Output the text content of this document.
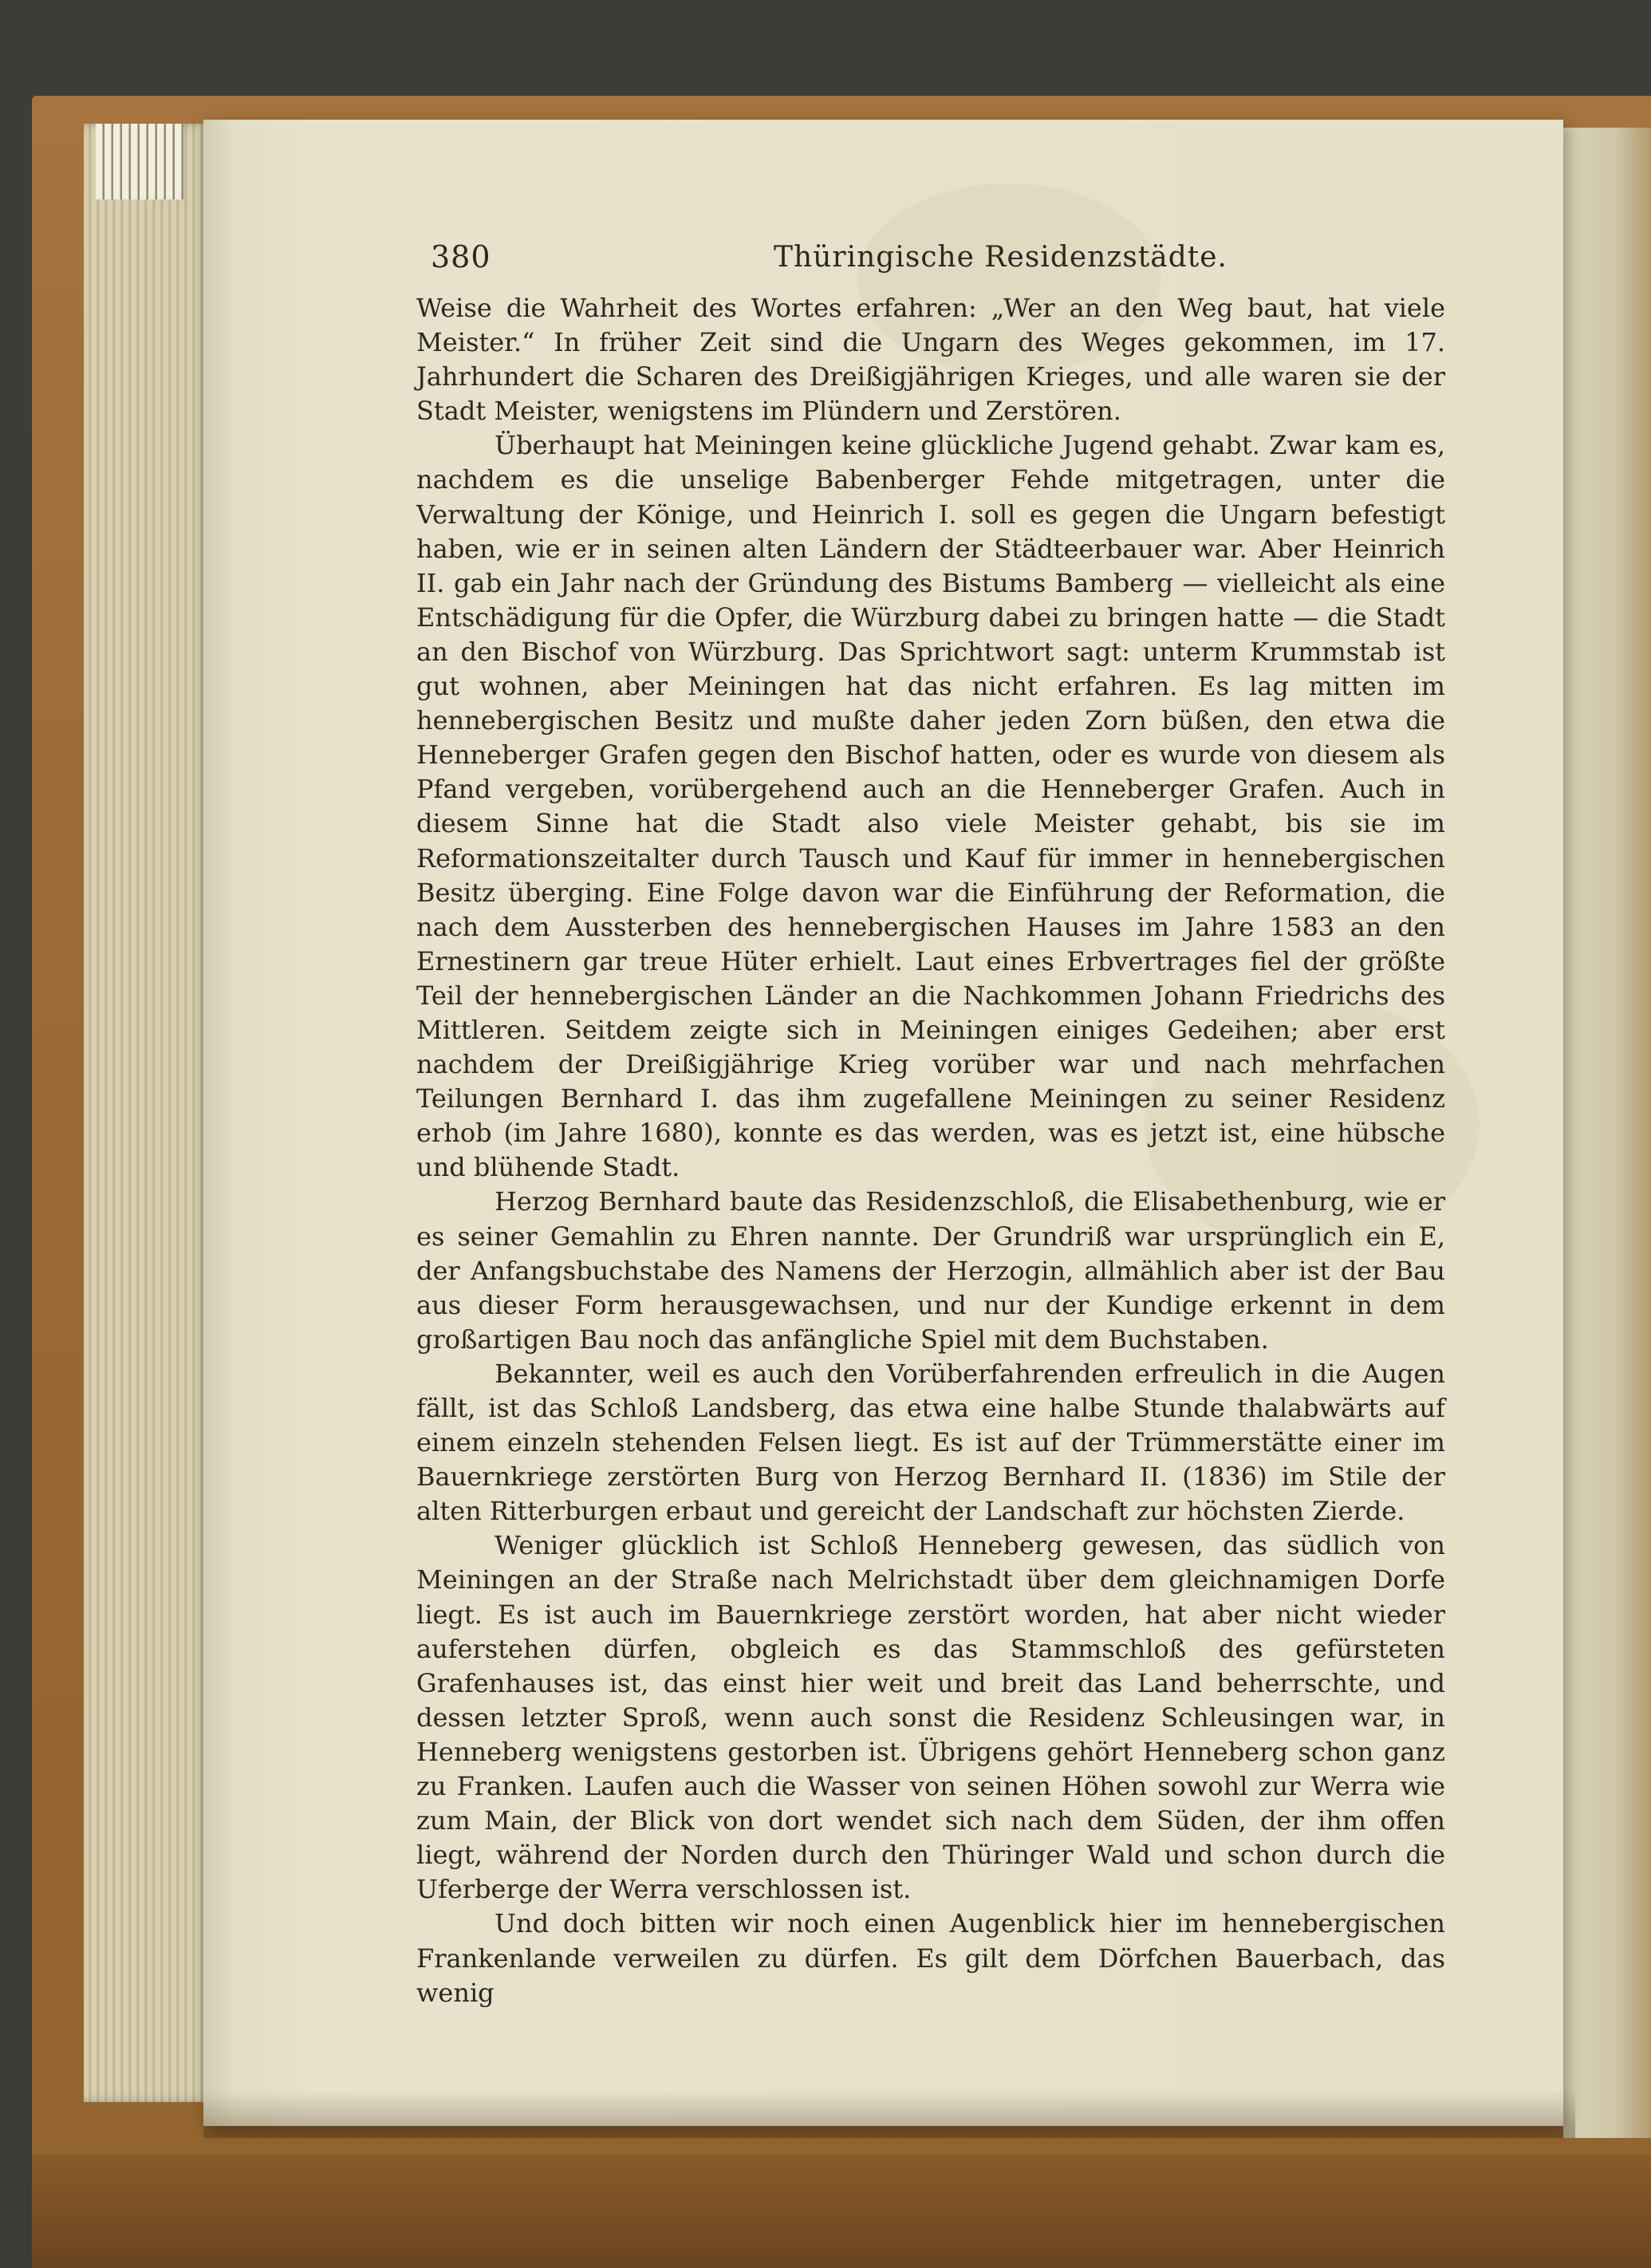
380	Thüringische Residenzstädte.

Weise die Wahrheit des Wortes erfahren: „Wer an den Weg baut, hat viele Meister.“ In früher Zeit sind die Ungarn des Weges gekommen, im 17. Jahrhundert die Scharen des Dreißigjährigen Krieges, und alle waren sie der Stadt Meister, wenigstens im Plündern und Zerstören.

Überhaupt hat Meiningen keine glückliche Jugend gehabt. Zwar kam es, nachdem es die unselige Babenberger Fehde mitgetragen, unter die Verwaltung der Könige, und Heinrich I. soll es gegen die Ungarn befestigt haben, wie er in seinen alten Ländern der Städteerbauer war. Aber Heinrich II. gab ein Jahr nach der Gründung des Bistums Bamberg — vielleicht als eine Entschädigung für die Opfer, die Würzburg dabei zu bringen hatte — die Stadt an den Bischof von Würzburg. Das Sprichtwort sagt: unterm Krummstab ist gut wohnen, aber Meiningen hat das nicht erfahren. Es lag mitten im hennebergischen Besitz und mußte daher jeden Zorn büßen, den etwa die Henneberger Grafen gegen den Bischof hatten, oder es wurde von diesem als Pfand vergeben, vorübergehend auch an die Henneberger Grafen. Auch in diesem Sinne hat die Stadt also viele Meister gehabt, bis sie im Reformationszeitalter durch Tausch und Kauf für immer in hennebergischen Besitz überging. Eine Folge davon war die Einführung der Reformation, die nach dem Aussterben des hennebergischen Hauses im Jahre 1583 an den Ernestinern gar treue Hüter erhielt. Laut eines Erbvertrages fiel der größte Teil der hennebergischen Länder an die Nachkommen Johann Friedrichs des Mittleren. Seitdem zeigte sich in Meiningen einiges Gedeihen; aber erst nachdem der Dreißigjährige Krieg vorüber war und nach mehrfachen Teilungen Bernhard I. das ihm zugefallene Meiningen zu seiner Residenz erhob (im Jahre 1680), konnte es das werden, was es jetzt ist, eine hübsche und blühende Stadt.

Herzog Bernhard baute das Residenzschloß, die Elisabethenburg, wie er es seiner Gemahlin zu Ehren nannte. Der Grundriß war ursprünglich ein E, der Anfangsbuchstabe des Namens der Herzogin, allmählich aber ist der Bau aus dieser Form herausgewachsen, und nur der Kundige erkennt in dem großartigen Bau noch das anfängliche Spiel mit dem Buchstaben.

Bekannter, weil es auch den Vorüberfahrenden erfreulich in die Augen fällt, ist das Schloß Landsberg, das etwa eine halbe Stunde thalabwärts auf einem einzeln stehenden Felsen liegt. Es ist auf der Trümmerstätte einer im Bauernkriege zerstörten Burg von Herzog Bernhard II. (1836) im Stile der alten Ritterburgen erbaut und gereicht der Landschaft zur höchsten Zierde.

Weniger glücklich ist Schloß Henneberg gewesen, das südlich von Meiningen an der Straße nach Melrichstadt über dem gleichnamigen Dorfe liegt. Es ist auch im Bauernkriege zerstört worden, hat aber nicht wieder auferstehen dürfen, obgleich es das Stammschloß des gefürsteten Grafenhauses ist, das einst hier weit und breit das Land beherrschte, und dessen letzter Sproß, wenn auch sonst die Residenz Schleusingen war, in Henneberg wenigstens gestorben ist. Übrigens gehört Henneberg schon ganz zu Franken. Laufen auch die Wasser von seinen Höhen sowohl zur Werra wie zum Main, der Blick von dort wendet sich nach dem Süden, der ihm offen liegt, während der Norden durch den Thüringer Wald und schon durch die Uferberge der Werra verschlossen ist.

Und doch bitten wir noch einen Augenblick hier im hennebergischen Frankenlande verweilen zu dürfen. Es gilt dem Dörfchen Bauerbach, das wenig
